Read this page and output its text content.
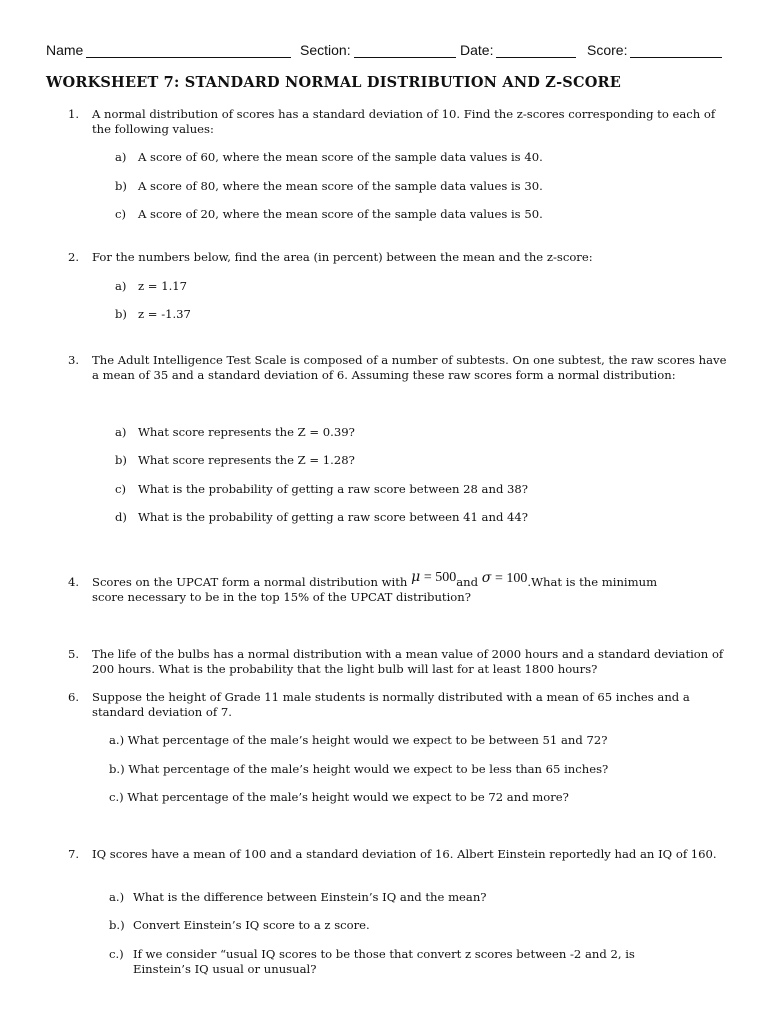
Name	Section:	Date:	Score:
WORKSHEET 7: STANDARD NORMAL DISTRIBUTION AND Z-SCORE
1. A normal distribution of scores has a standard deviation of 10. Find the z-scores corresponding to each of the following values:
a) A score of 60, where the mean score of the sample data values is 40.
b) A score of 80, where the mean score of the sample data values is 30.
c) A score of 20, where the mean score of the sample data values is 50.
2. For the numbers below, find the area (in percent) between the mean and the z-score:
a) z = 1.17
b) z = -1.37
3. The Adult Intelligence Test Scale is composed of a number of subtests. On one subtest, the raw scores have a mean of 35 and a standard deviation of 6. Assuming these raw scores form a normal distribution:
a) What score represents the Z = 0.39?
b) What score represents the Z = 1.28?
c) What is the probability of getting a raw score between 28 and 38?
d) What is the probability of getting a raw score between 41 and 44?
4. Scores on the UPCAT form a normal distribution with μ = 500and σ = 100.What is the minimum
score necessary to be in the top 15% of the UPCAT distribution?
5. The life of the bulbs has a normal distribution with a mean value of 2000 hours and a standard deviation of 200 hours. What is the probability that the light bulb will last for at least 1800 hours?
6. Suppose the height of Grade 11 male students is normally distributed with a mean of 65 inches and a standard deviation of 7.
a.) What percentage of the male’s height would we expect to be between 51 and 72?
b.) What percentage of the male’s height would we expect to be less than 65 inches?
c.) What percentage of the male’s height would we expect to be 72 and more?
7. IQ scores have a mean of 100 and a standard deviation of 16. Albert Einstein reportedly had an IQ of 160.
a.) What is the difference between Einstein’s IQ and the mean?
b.) Convert Einstein’s IQ score to a z score.
c.) If we consider “usual IQ scores to be those that convert z scores between -2 and 2, is Einstein’s IQ usual or unusual?
